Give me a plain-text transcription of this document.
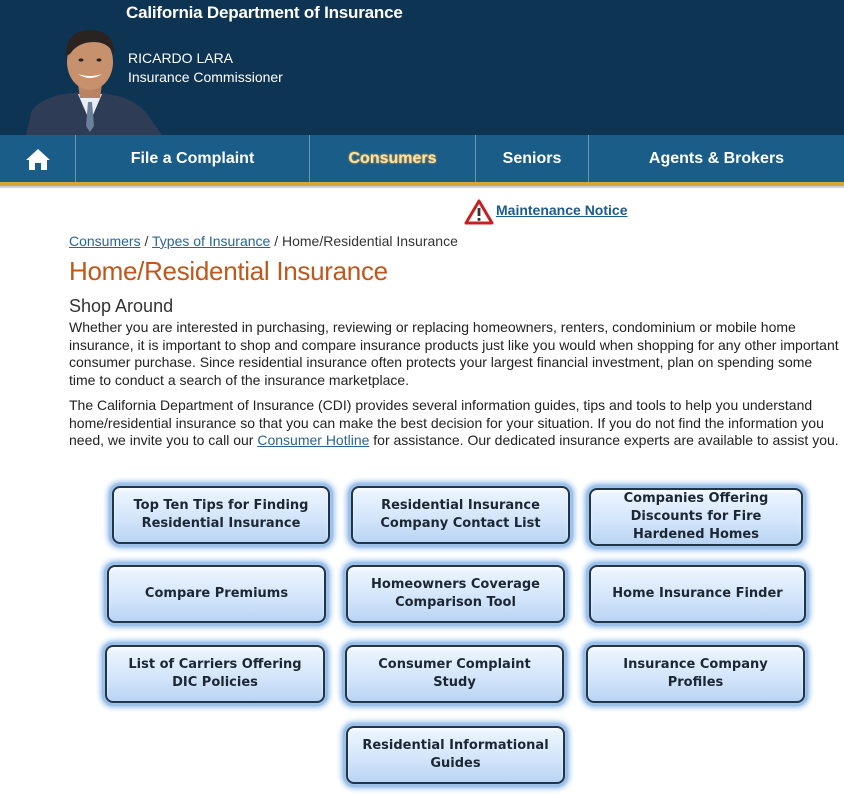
California Department of Insurance
RICARDO LARA
Insurance Commissioner
File a Complaint	Consumers	Seniors	Agents & Brokers
Maintenance Notice
Consumers / Types of Insurance / Home/Residential Insurance
Home/Residential Insurance
Shop Around

Whether you are interested in purchasing, reviewing or replacing homeowners, renters, condominium or mobile home insurance, it is important to shop and compare insurance products just like you would when shopping for any other important consumer purchase. Since residential insurance often protects your largest financial investment, plan on spending some time to conduct a search of the insurance marketplace.

The California Department of Insurance (CDI) provides several information guides, tips and tools to help you understand home/residential insurance so that you can make the best decision for your situation. If you do not find the information you need, we invite you to call our Consumer Hotline for assistance. Our dedicated insurance experts are available to assist you.

Top Ten Tips for Finding Residential Insurance
Residential Insurance Company Contact List
Companies Offering Discounts for Fire Hardened Homes
Compare Premiums
Homeowners Coverage Comparison Tool
Home Insurance Finder
List of Carriers Offering DIC Policies
Consumer Complaint Study
Insurance Company Profiles
Residential Informational Guides
